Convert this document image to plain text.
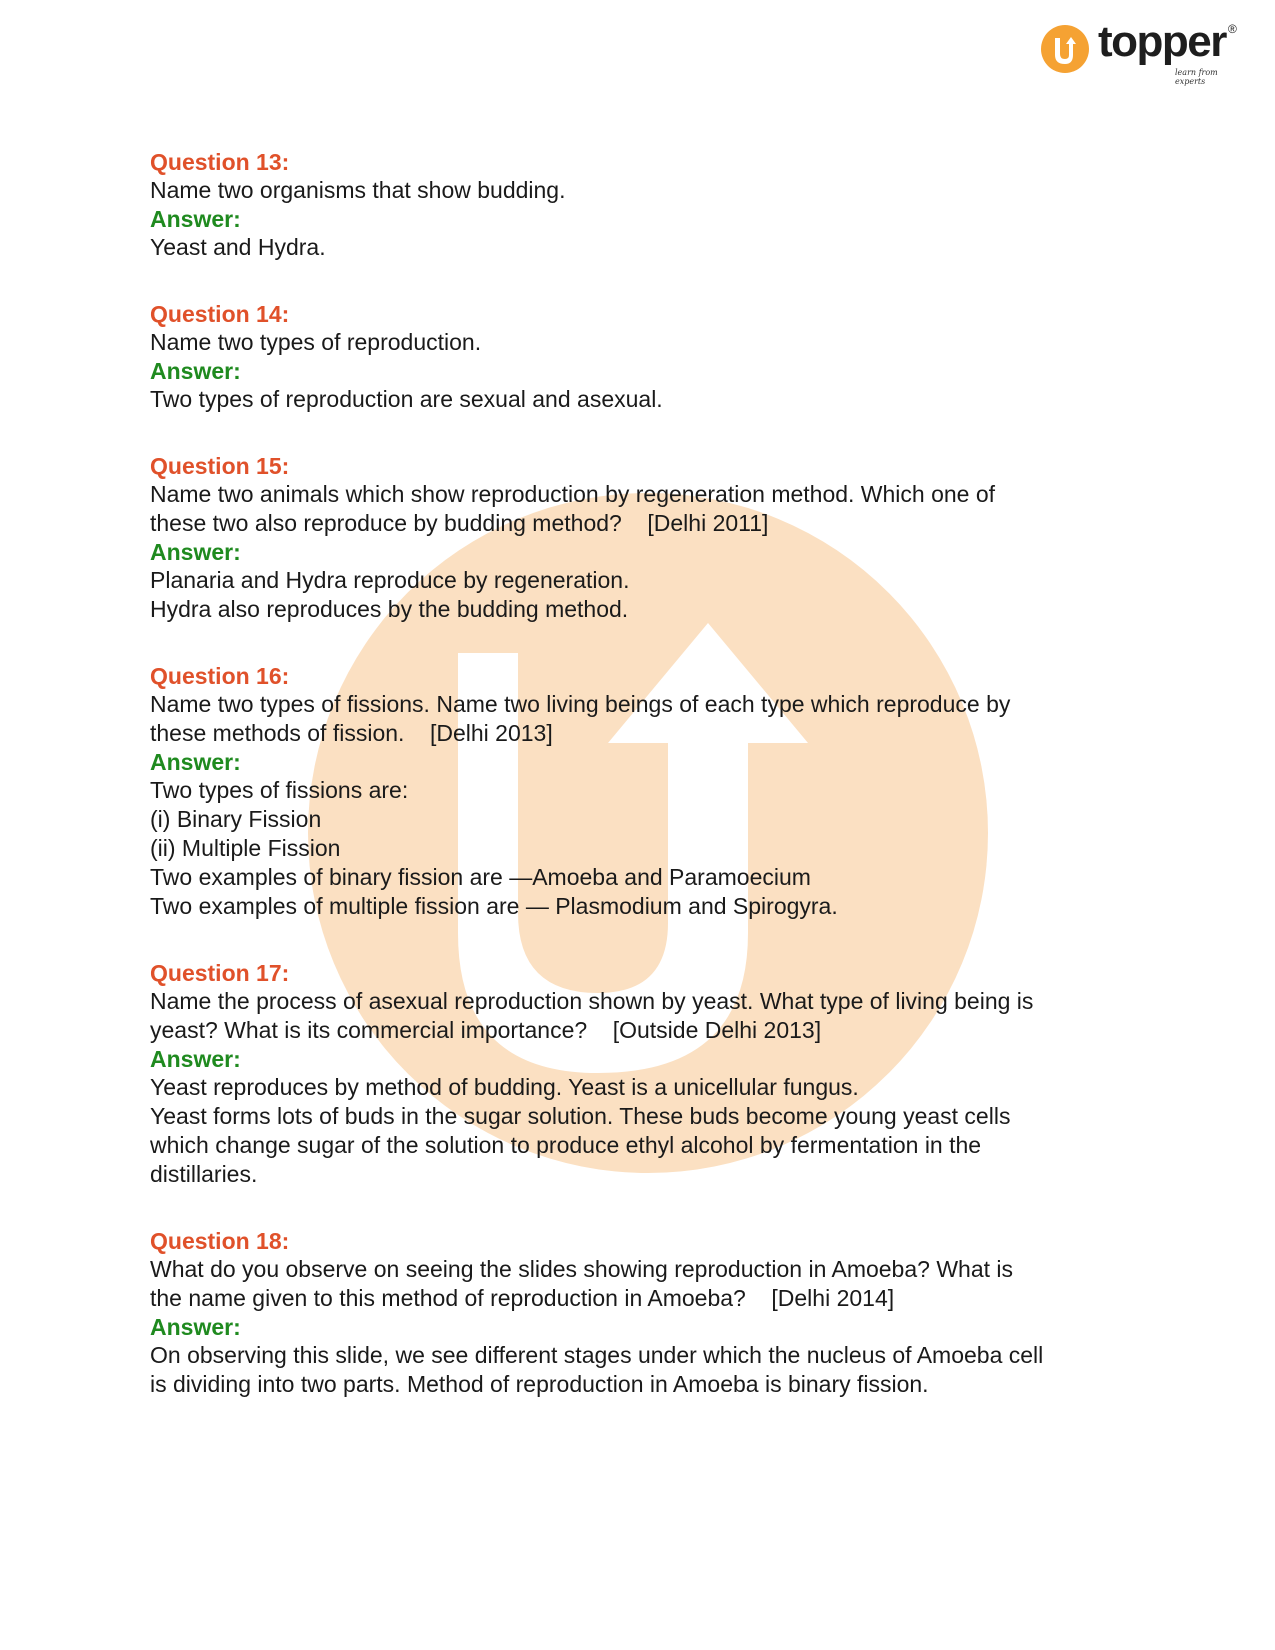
topper ®
learn from experts
Question 13:
Name two organisms that show budding.
Answer:
Yeast and Hydra.
Question 14:
Name two types of reproduction.
Answer:
Two types of reproduction are sexual and asexual.
Question 15:
Name two animals which show reproduction by regeneration method. Which one of
these two also reproduce by budding method?    [Delhi 2011]
Answer:
Planaria and Hydra reproduce by regeneration.
Hydra also reproduces by the budding method.
Question 16:
Name two types of fissions. Name two living beings of each type which reproduce by
these methods of fission.    [Delhi 2013]
Answer:
Two types of fissions are:
(i) Binary Fission
(ii) Multiple Fission
Two examples of binary fission are —Amoeba and Paramoecium
Two examples of multiple fission are — Plasmodium and Spirogyra.
Question 17:
Name the process of asexual reproduction shown by yeast. What type of living being is
yeast? What is its commercial importance?    [Outside Delhi 2013]
Answer:
Yeast reproduces by method of budding. Yeast is a unicellular fungus.
Yeast forms lots of buds in the sugar solution. These buds become young yeast cells
which change sugar of the solution to produce ethyl alcohol by fermentation in the
distillaries.
Question 18:
What do you observe on seeing the slides showing reproduction in Amoeba? What is
the name given to this method of reproduction in Amoeba?    [Delhi 2014]
Answer:
On observing this slide, we see different stages under which the nucleus of Amoeba cell
is dividing into two parts. Method of reproduction in Amoeba is binary fission.
